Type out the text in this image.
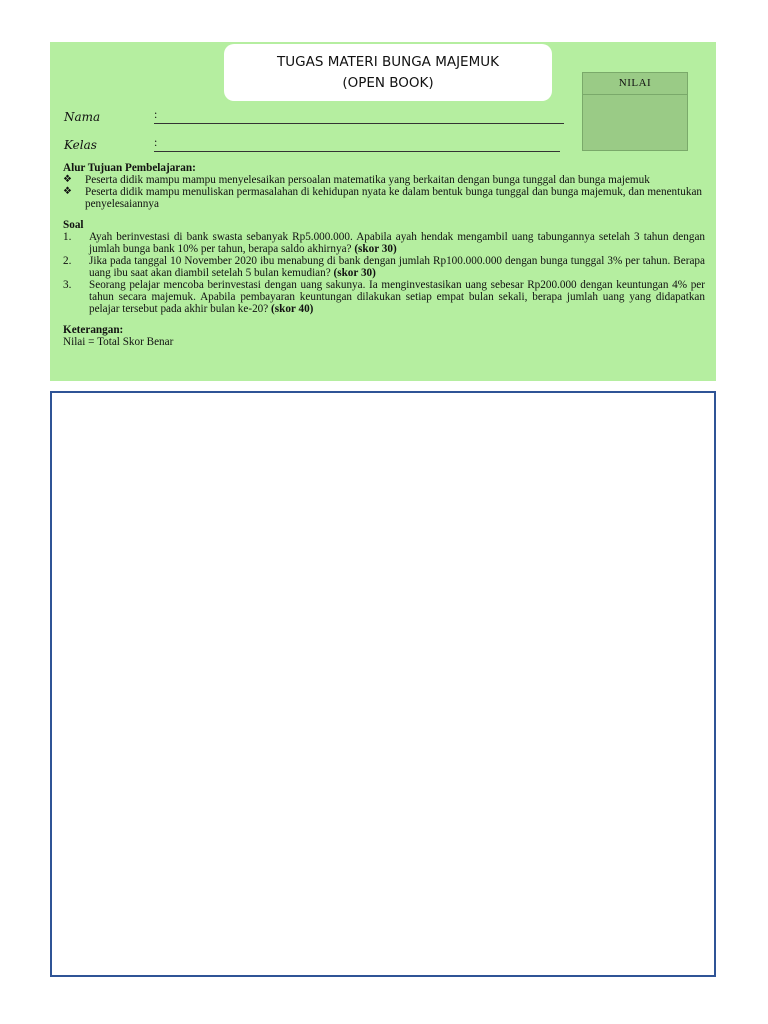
TUGAS MATERI BUNGA MAJEMUK
(OPEN BOOK)	NILAI
Nama	:
Kelas	:
Alur Tujuan Pembelajaran:
❖	Peserta didik mampu mampu menyelesaikan persoalan matematika yang berkaitan dengan bunga tunggal dan bunga majemuk
❖	Peserta didik mampu menuliskan permasalahan di kehidupan nyata ke dalam bentuk bunga tunggal dan bunga majemuk, dan menentukan penyelesaiannya
Soal
1.	Ayah berinvestasi di bank swasta sebanyak Rp5.000.000. Apabila ayah hendak mengambil uang tabungannya setelah 3 tahun dengan jumlah bunga bank 10% per tahun, berapa saldo akhirnya? (skor 30)
2.	Jika pada tanggal 10 November 2020 ibu menabung di bank dengan jumlah Rp100.000.000 dengan bunga tunggal 3% per tahun. Berapa uang ibu saat akan diambil setelah 5 bulan kemudian? (skor 30)
3.	Seorang pelajar mencoba berinvestasi dengan uang sakunya. Ia menginvestasikan uang sebesar Rp200.000 dengan keuntungan 4% per tahun secara majemuk. Apabila pembayaran keuntungan dilakukan setiap empat bulan sekali, berapa jumlah uang yang didapatkan pelajar tersebut pada akhir bulan ke-20? (skor 40)
Keterangan:
Nilai = Total Skor Benar
